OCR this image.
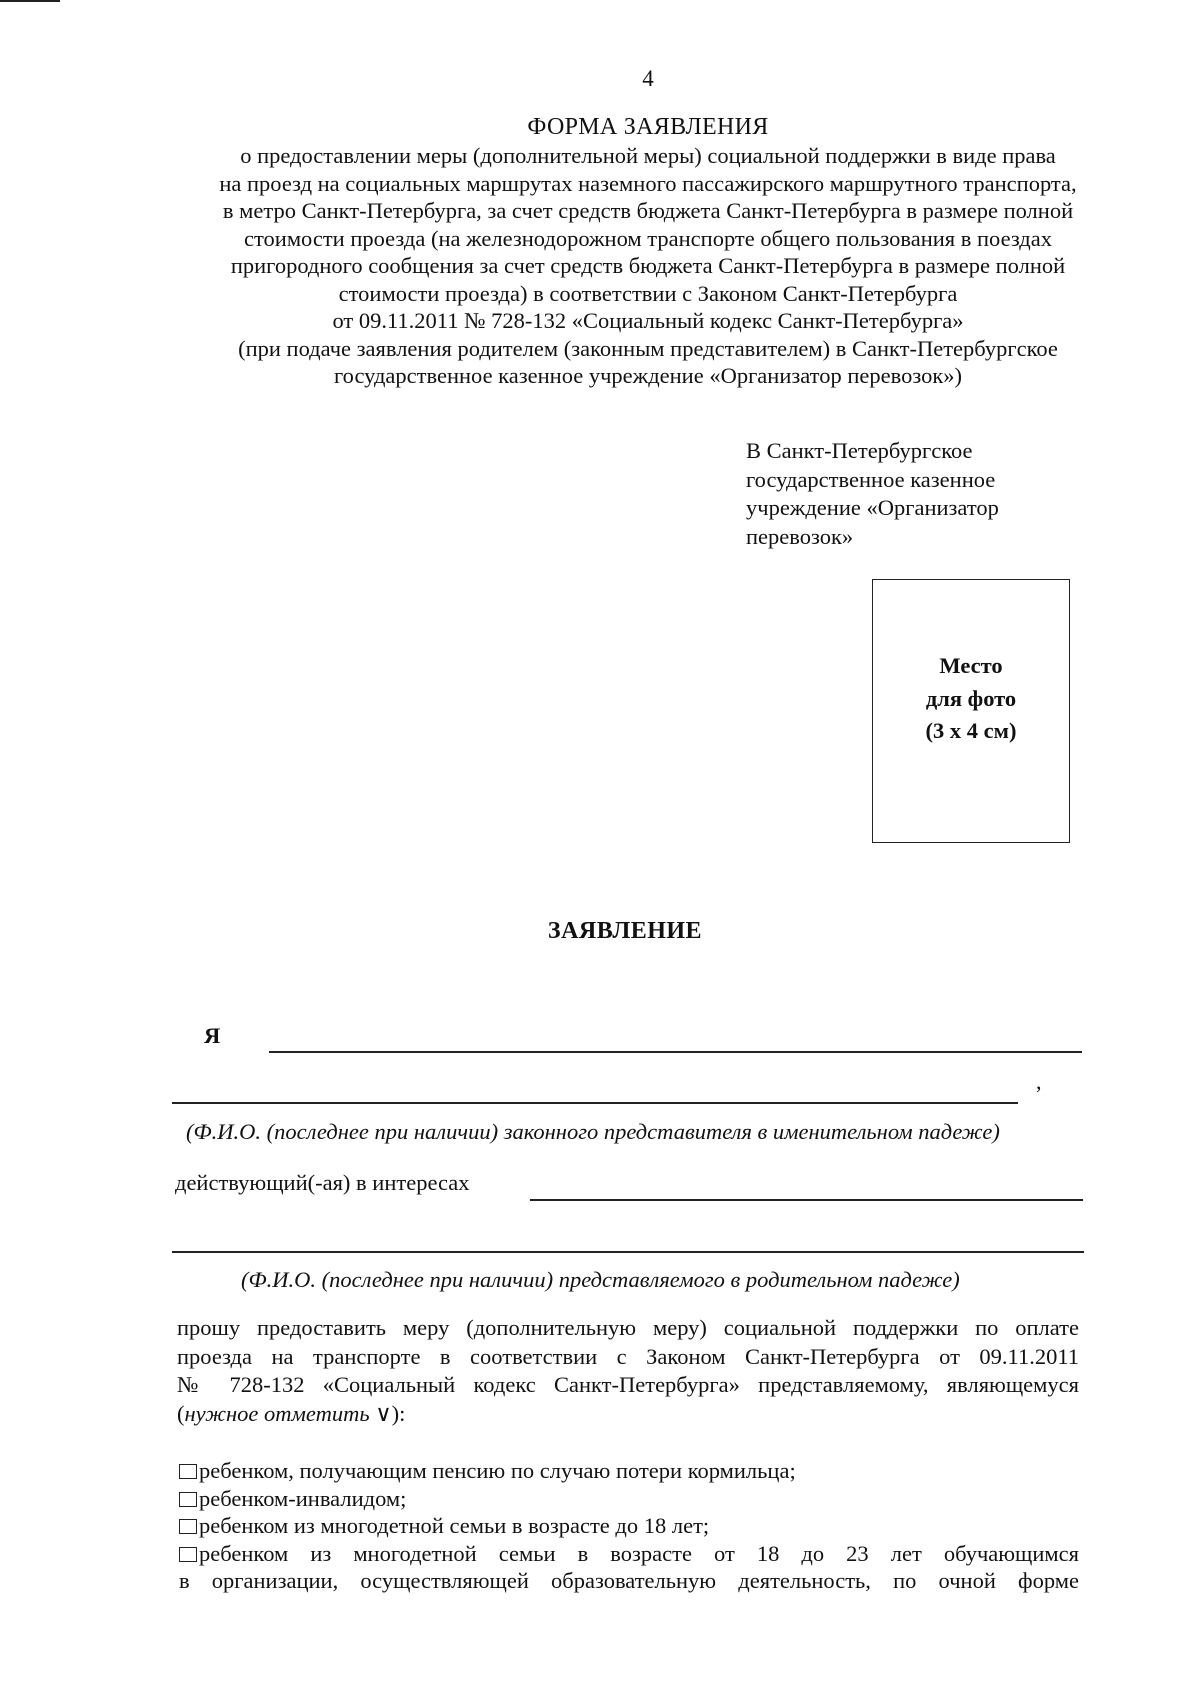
4
ФОРМА ЗАЯВЛЕНИЯ
о предоставлении меры (дополнительной меры) социальной поддержки в виде права
на проезд на социальных маршрутах наземного пассажирского маршрутного транспорта,
в метро Санкт-Петербурга, за счет средств бюджета Санкт-Петербурга в размере полной
стоимости проезда (на железнодорожном транспорте общего пользования в поездах
пригородного сообщения за счет средств бюджета Санкт-Петербурга в размере полной
стоимости проезда) в соответствии с Законом Санкт-Петербурга
от 09.11.2011 № 728-132 «Социальный кодекс Санкт-Петербурга»
(при подаче заявления родителем (законным представителем) в Санкт-Петербургское
государственное казенное учреждение «Организатор перевозок»)
В Санкт-Петербургское
государственное казенное
учреждение «Организатор
перевозок»
Место
для фото
(3 х 4 см)
ЗАЯВЛЕНИЕ
Я
,
(Ф.И.О. (последнее при наличии) законного представителя в именительном падеже)
действующий(-ая) в интересах
(Ф.И.О. (последнее при наличии) представляемого в родительном падеже)
прошу предоставить меру (дополнительную меру) социальной поддержки по оплате
проезда на транспорте в соответствии с Законом Санкт-Петербурга от 09.11.2011
№ 728-132 «Социальный кодекс Санкт-Петербурга» представляемому, являющемуся
(нужное отметить ∨):
ребенком, получающим пенсию по случаю потери кормильца;
ребенком-инвалидом;
ребенком из многодетной семьи в возрасте до 18 лет;
ребенком из многодетной семьи в возрасте от 18 до 23 лет обучающимся
в организации, осуществляющей образовательную деятельность, по очной форме
